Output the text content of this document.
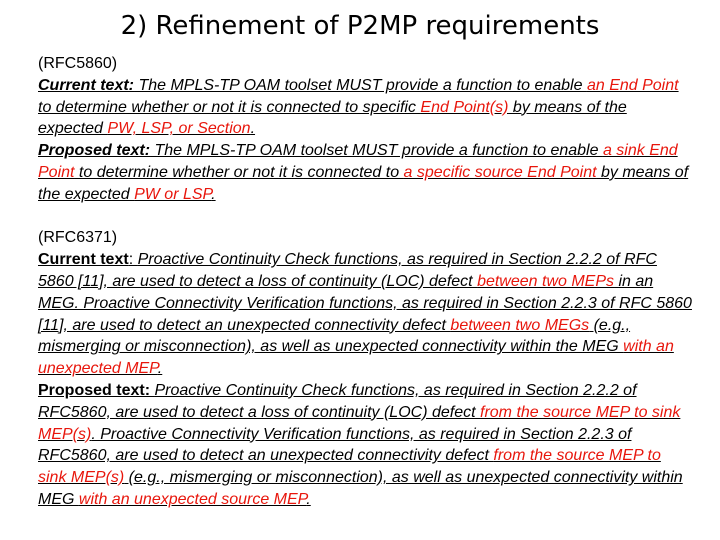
2) Refinement of P2MP requirements

(RFC5860)

Current text: The MPLS-TP OAM toolset MUST provide a function to enable an End Point to determine whether or not it is connected to specific End Point(s) by means of the expected PW, LSP, or Section.

Proposed text: The MPLS-TP OAM toolset MUST provide a function to enable a sink End Point to determine whether or not it is connected to a specific source End Point by means of the expected PW or LSP.

(RFC6371)

Current text: Proactive Continuity Check functions, as required in Section 2.2.2 of RFC 5860 [11], are used to detect a loss of continuity (LOC) defect between two MEPs in an MEG. Proactive Connectivity Verification functions, as required in Section 2.2.3 of RFC 5860 [11], are used to detect an unexpected connectivity defect between two MEGs (e.g., mismerging or misconnection), as well as unexpected connectivity within the MEG with an unexpected MEP.

Proposed text: Proactive Continuity Check functions, as required in Section 2.2.2 of RFC5860, are used to detect a loss of continuity (LOC) defect from the source MEP to sink MEP(s). Proactive Connectivity Verification functions, as required in Section 2.2.3 of RFC5860, are used to detect an unexpected connectivity defect from the source MEP to sink MEP(s) (e.g., mismerging or misconnection), as well as unexpected connectivity within MEG with an unexpected source MEP.
